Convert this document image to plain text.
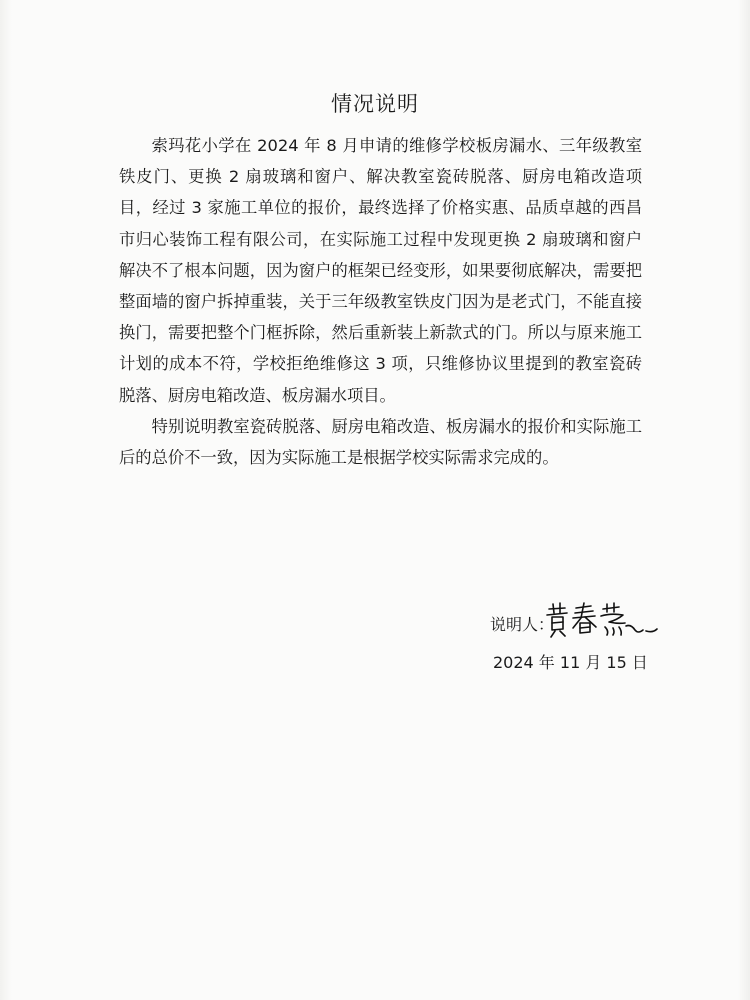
情况说明

索玛花小学在 2024 年 8 月申请的维修学校板房漏水、三年级教室铁皮门、更换 2 扇玻璃和窗户、解决教室瓷砖脱落、厨房电箱改造项目，经过 3 家施工单位的报价，最终选择了价格实惠、品质卓越的西昌市归心装饰工程有限公司，在实际施工过程中发现更换 2 扇玻璃和窗户解决不了根本问题，因为窗户的框架已经变形，如果要彻底解决，需要把整面墙的窗户拆掉重装，关于三年级教室铁皮门因为是老式门，不能直接换门，需要把整个门框拆除，然后重新装上新款式的门。所以与原来施工计划的成本不符，学校拒绝维修这 3 项，只维修协议里提到的教室瓷砖脱落、厨房电箱改造、板房漏水项目。

特别说明教室瓷砖脱落、厨房电箱改造、板房漏水的报价和实际施工后的总价不一致，因为实际施工是根据学校实际需求完成的。

说明人：
2024 年 11 月 15 日
